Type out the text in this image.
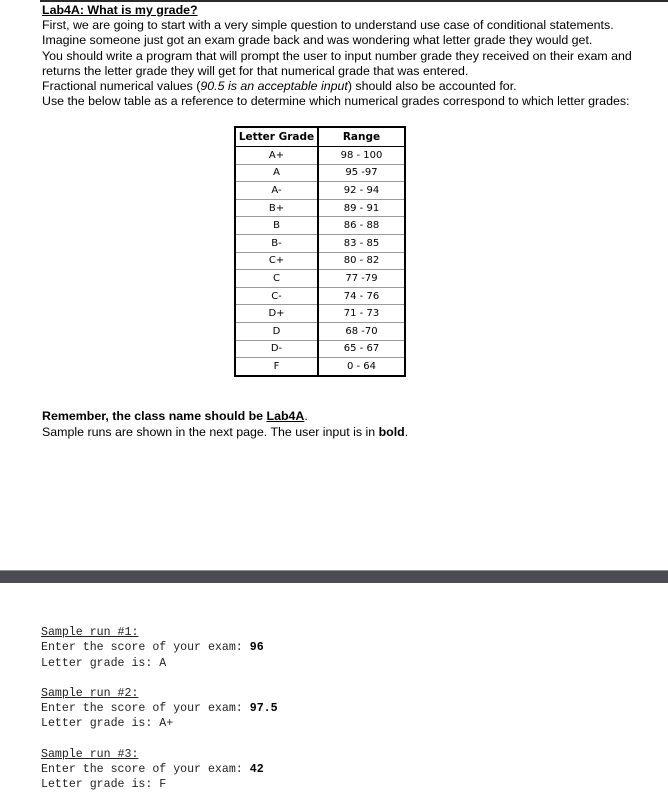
Lab4A: What is my grade?

First, we are going to start with a very simple question to understand use case of conditional statements.

Imagine someone just got an exam grade back and was wondering what letter grade they would get.

You should write a program that will prompt the user to input number grade they received on their exam and returns the letter grade they will get for that numerical grade that was entered.

Fractional numerical values (90.5 is an acceptable input) should also be accounted for.

Use the below table as a reference to determine which numerical grades correspond to which letter grades:

Letter Grade	Range
A+	98 - 100
A	95 -97
A-	92 - 94
B+	89 - 91
B	86 - 88
B-	83 - 85
C+	80 - 82
C	77 -79
C-	74 - 76
D+	71 - 73
D	68 -70
D-	65 - 67
F	0 - 64
Remember, the class name should be Lab4A.
Sample runs are shown in the next page. The user input is in bold.
Sample run #1:
Enter the score of your exam: 96
Letter grade is: A
Sample run #2:
Enter the score of your exam: 97.5
Letter grade is: A+
Sample run #3:
Enter the score of your exam: 42
Letter grade is: F
